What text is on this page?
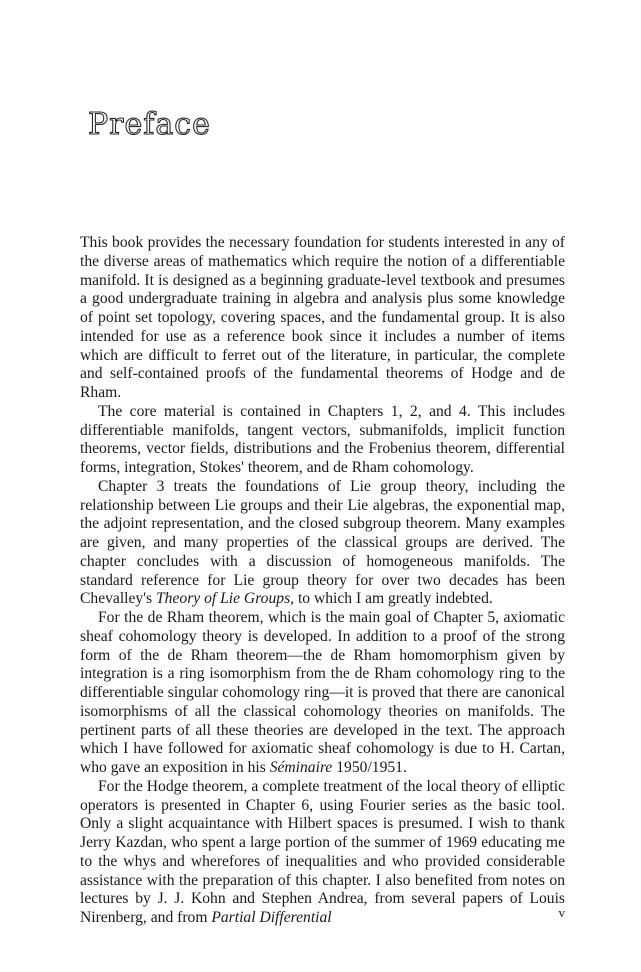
Preface

This book provides the necessary foundation for students interested in any of the diverse areas of mathematics which require the notion of a differentiable manifold. It is designed as a beginning graduate-level textbook and presumes a good undergraduate training in algebra and analysis plus some knowledge of point set topology, covering spaces, and the fundamental group. It is also intended for use as a reference book since it includes a number of items which are difficult to ferret out of the literature, in particular, the complete and self-contained proofs of the fundamental theorems of Hodge and de Rham.

The core material is contained in Chapters 1, 2, and 4. This includes differentiable manifolds, tangent vectors, submanifolds, implicit function theorems, vector fields, distributions and the Frobenius theorem, differential forms, integration, Stokes' theorem, and de Rham cohomology.

Chapter 3 treats the foundations of Lie group theory, including the relationship between Lie groups and their Lie algebras, the exponential map, the adjoint representation, and the closed subgroup theorem. Many examples are given, and many properties of the classical groups are derived. The chapter concludes with a discussion of homogeneous manifolds. The standard reference for Lie group theory for over two decades has been Chevalley's Theory of Lie Groups, to which I am greatly indebted.

For the de Rham theorem, which is the main goal of Chapter 5, axiomatic sheaf cohomology theory is developed. In addition to a proof of the strong form of the de Rham theorem—the de Rham homomorphism given by integration is a ring isomorphism from the de Rham cohomology ring to the differentiable singular cohomology ring—it is proved that there are canonical isomorphisms of all the classical cohomology theories on manifolds. The pertinent parts of all these theories are developed in the text. The approach which I have followed for axiomatic sheaf cohomology is due to H. Cartan, who gave an exposition in his Séminaire 1950/1951.

For the Hodge theorem, a complete treatment of the local theory of elliptic operators is presented in Chapter 6, using Fourier series as the basic tool. Only a slight acquaintance with Hilbert spaces is presumed. I wish to thank Jerry Kazdan, who spent a large portion of the summer of 1969 educating me to the whys and wherefores of inequalities and who provided considerable assistance with the preparation of this chapter. I also benefited from notes on lectures by J. J. Kohn and Stephen Andrea, from several papers of Louis Nirenberg, and from Partial Differential	v
